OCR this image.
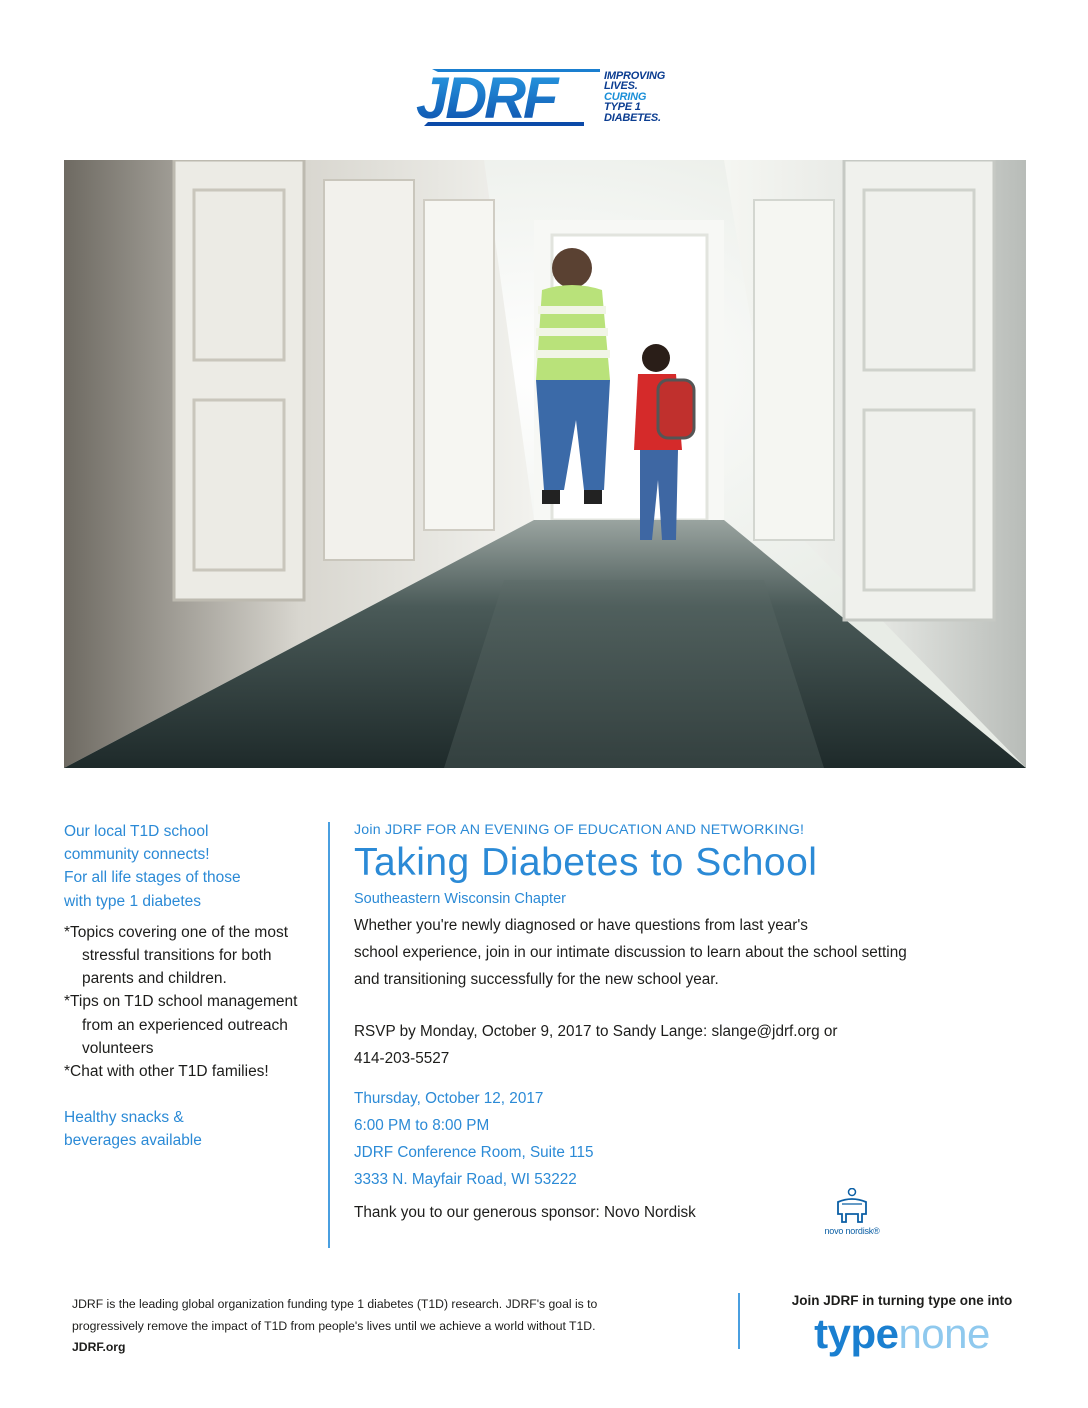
JDRF	IMPROVING
LIVES.
CURING
TYPE 1
DIABETES.
Our local T1D school
community connects!
For all life stages of those
with type 1 diabetes
*Topics covering one of the most stressful transitions for both parents and children.
*Tips on T1D school management from an experienced outreach volunteers
*Chat with other T1D families!
Healthy snacks &
beverages available
Join JDRF FOR AN EVENING OF EDUCATION AND NETWORKING!
Taking Diabetes to School
Southeastern Wisconsin Chapter
Whether you're newly diagnosed or have questions from last year's
school experience, join in our intimate discussion to learn about the school setting
and transitioning successfully for the new school year.
RSVP by Monday, October 9, 2017 to Sandy Lange: slange@jdrf.org or
414-203-5527
Thursday, October 12, 2017
6:00 PM to 8:00 PM
JDRF Conference Room, Suite 115
3333 N. Mayfair Road, WI 53222
Thank you to our generous sponsor: Novo Nordisk
novo nordisk®
JDRF is the leading global organization funding type 1 diabetes (T1D) research. JDRF's goal is to
progressively remove the impact of T1D from people's lives until we achieve a world without T1D.
JDRF.org
Join JDRF in turning type one into
typenone
